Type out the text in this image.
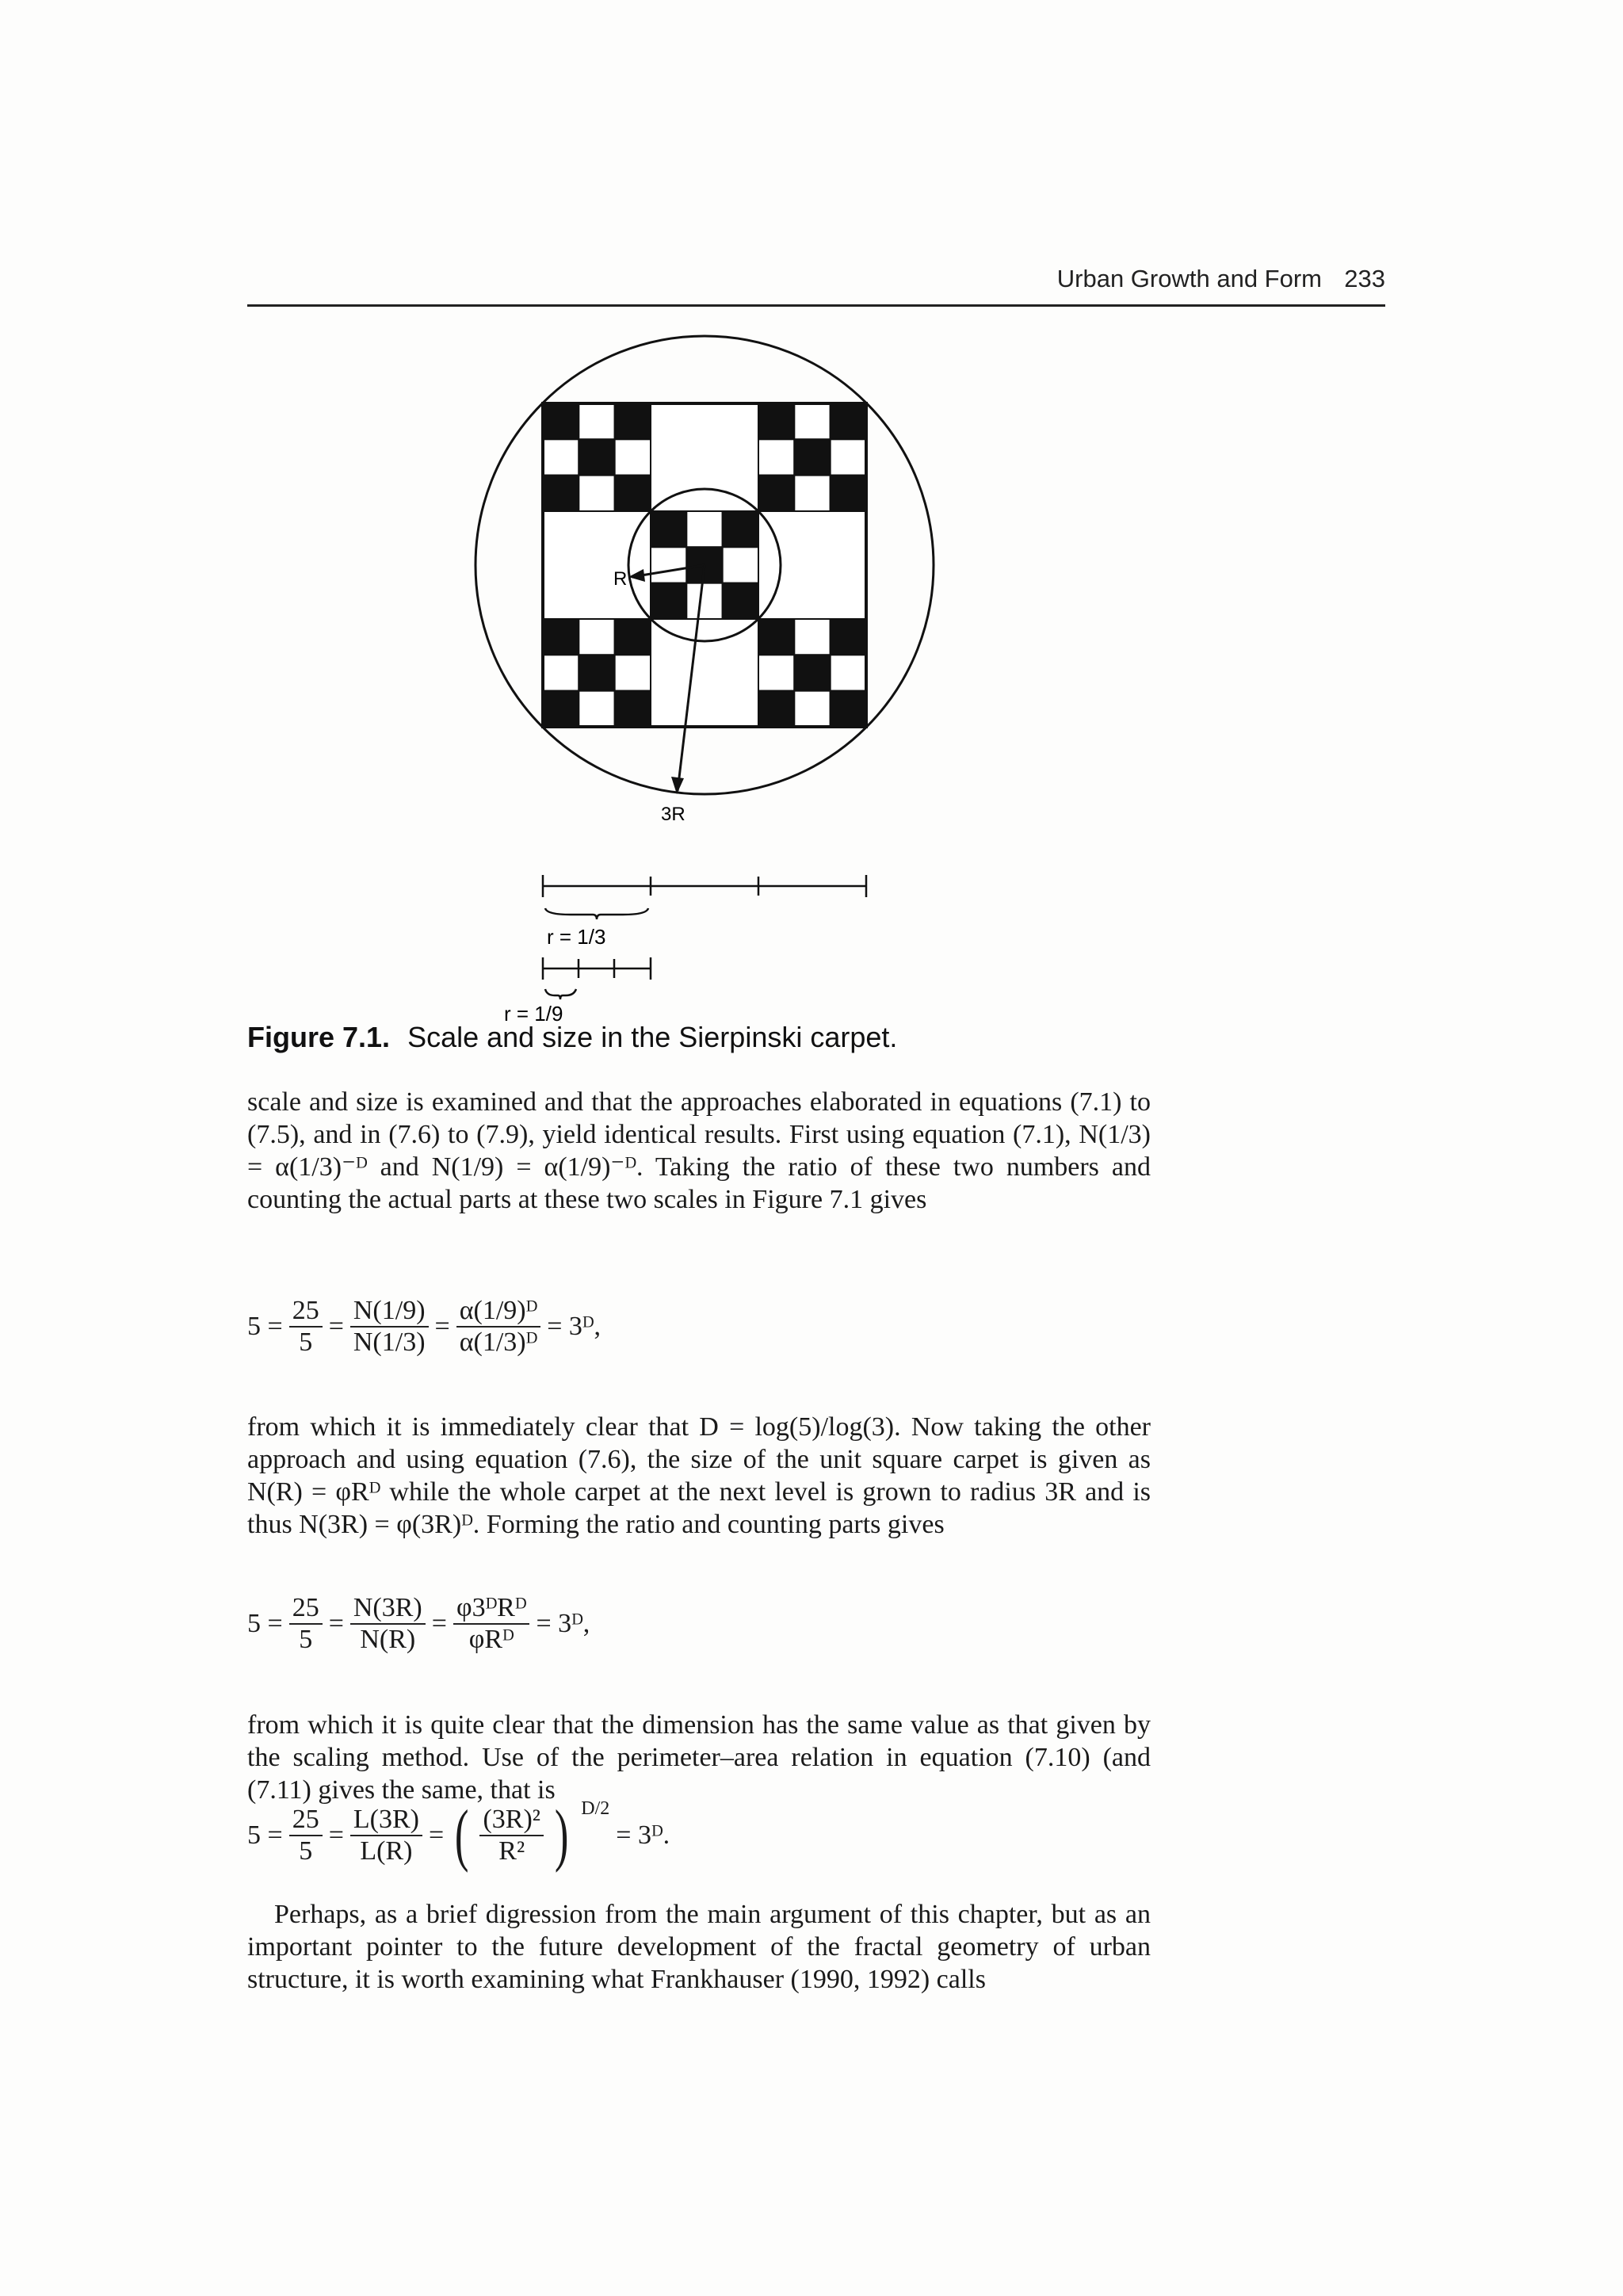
Urban Growth and Form 233
R
3R
r = 1/3
r = 1/9
Figure 7.1. Scale and size in the Sierpinski carpet.

scale and size is examined and that the approaches elaborated in equations (7.1) to (7.5), and in (7.6) to (7.9), yield identical results. First using equation (7.1), N(1/3) = α(1/3)⁻ᴰ and N(1/9) = α(1/9)⁻ᴰ. Taking the ratio of these two numbers and counting the actual parts at these two scales in Figure 7.1 gives

$5 = \frac{25}{5} = \frac{N(1/9)}{N(1/3)} = \frac{\text{α(1/9)ᴰ}}{\text{α(1/3)ᴰ}}$ = 3ᴰ,

from which it is immediately clear that D = log(5)/log(3). Now taking the other approach and using equation (7.6), the size of the unit square carpet is given as N(R) = φRᴰ while the whole carpet at the next level is grown to radius 3R and is thus N(3R) = φ(3R)ᴰ. Forming the ratio and counting parts gives

$5 = \frac{25}{5} = \frac{N(3R)}{N(R)} = \frac{\text{φ3ᴰRᴰ}}{\text{φRᴰ}}$ = 3ᴰ,

from which it is quite clear that the dimension has the same value as that given by the scaling method. Use of the perimeter–area relation in equation (7.10) (and (7.11) gives the same, that is

$5 = \frac{25}{5} = \frac{L(3R)}{L(R)}$ = ( $\frac{\text{(3R)²}}{\text{R²}}$ ) D/2
= 3ᴰ.

Perhaps, as a brief digression from the main argument of this chapter, but as an important pointer to the future development of the fractal geometry of urban structure, it is worth examining what Frankhauser (1990, 1992) calls
